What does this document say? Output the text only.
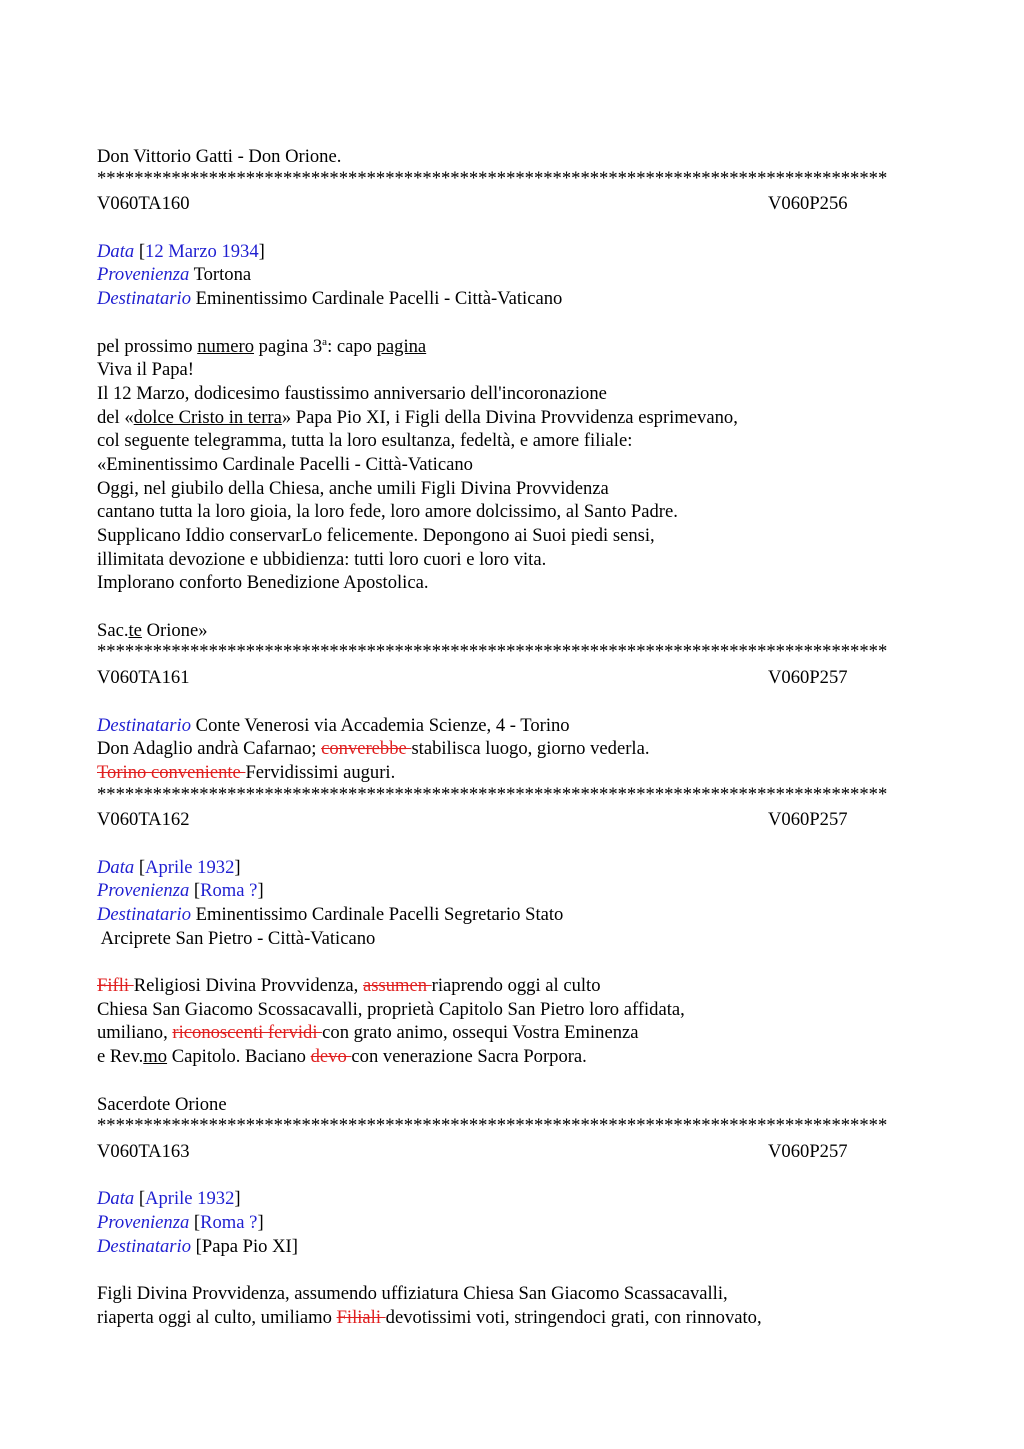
Don Vittorio Gatti - Don Orione.
*************************************************************************************
V060TA160	V060P256
Data [12 Marzo 1934]
Provenienza Tortona
Destinatario Eminentissimo Cardinale Pacelli - Città-Vaticano
pel prossimo numero pagina 3$^a$: capo pagina
Viva il Papa!
Il 12 Marzo, dodicesimo faustissimo anniversario dell'incoronazione
del «dolce Cristo in terra» Papa Pio XI, i Figli della Divina Provvidenza esprimevano,
col seguente telegramma, tutta la loro esultanza, fedeltà, e amore filiale:
«Eminentissimo Cardinale Pacelli - Città-Vaticano
Oggi, nel giubilo della Chiesa, anche umili Figli Divina Provvidenza
cantano tutta la loro gioia, la loro fede, loro amore dolcissimo, al Santo Padre.
Supplicano Iddio conservarLo felicemente. Depongono ai Suoi piedi sensi,
illimitata devozione e ubbidienza: tutti loro cuori e loro vita.
Implorano conforto Benedizione Apostolica.
Sac.te Orione»
*************************************************************************************
V060TA161	V060P257
Destinatario Conte Venerosi via Accademia Scienze, 4 - Torino
Don Adaglio andrà Cafarnao; converebbe stabilisca luogo, giorno vederla.
Torino conveniente Fervidissimi auguri.
*************************************************************************************
V060TA162	V060P257
Data [Aprile 1932]
Provenienza [Roma ?]
Destinatario Eminentissimo Cardinale Pacelli Segretario Stato
Arciprete San Pietro - Città-Vaticano
Fifli Religiosi Divina Provvidenza, assumen riaprendo oggi al culto
Chiesa San Giacomo Scossacavalli, proprietà Capitolo San Pietro loro affidata,
umiliano, riconoscenti fervidi con grato animo, ossequi Vostra Eminenza
e Rev.mo Capitolo. Baciano devo con venerazione Sacra Porpora.
Sacerdote Orione
*************************************************************************************
V060TA163	V060P257
Data [Aprile 1932]
Provenienza [Roma ?]
Destinatario [Papa Pio XI]
Figli Divina Provvidenza, assumendo uffiziatura Chiesa San Giacomo Scassacavalli,
riaperta oggi al culto, umiliamo Filiali devotissimi voti, stringendoci grati, con rinnovato,
